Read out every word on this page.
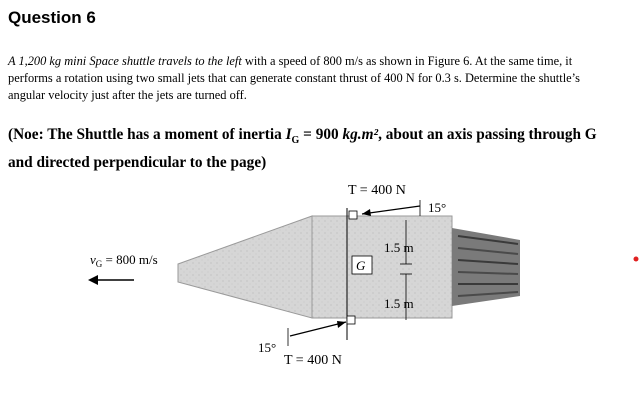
Question 6
A 1,200 kg mini Space shuttle travels to the left with a speed of 800 m/s as shown in Figure 6. At the same time, it
performs a rotation using two small jets that can generate constant thrust of 400 N for 0.3 s. Determine the shuttle’s
angular velocity just after the jets are turned off.
(Noe: The Shuttle has a moment of inertia $I_G = 900$ kg.m², about an axis passing through G
and directed perpendicular to the page)
G
T = 400 N
15°
1.5 m
1.5 m
15°
T = 400 N
$v_G = 800$ m/s
